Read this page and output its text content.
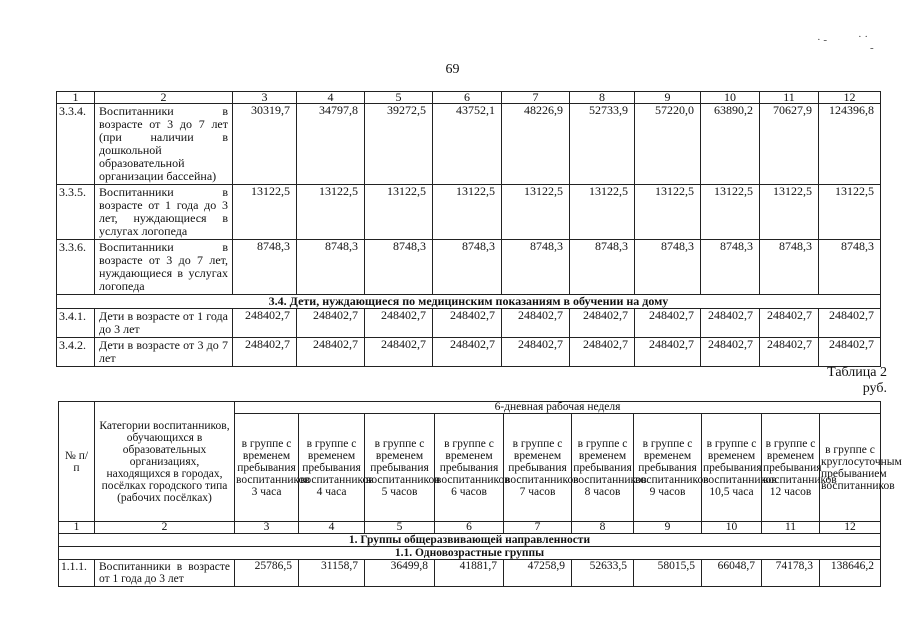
69
· -	· ·
-
1	2	3	4	5	6	7	8	9	10	11	12
3.3.4.	Воспитанники в возрасте от 3 до 7 лет (при наличии в дошкольной образовательной организации бассейна)	30319,7	34797,8	39272,5	43752,1	48226,9	52733,9	57220,0	63890,2	70627,9	124396,8
3.3.5.	Воспитанники в возрасте от 1 года до 3 лет, нуждающиеся в услугах логопеда	13122,5	13122,5	13122,5	13122,5	13122,5	13122,5	13122,5	13122,5	13122,5	13122,5
3.3.6.	Воспитанники в возрасте от 3 до 7 лет, нуждающиеся в услугах логопеда	8748,3	8748,3	8748,3	8748,3	8748,3	8748,3	8748,3	8748,3	8748,3	8748,3
3.4. Дети, нуждающиеся по медицинским показаниям в обучении на дому											
3.4.1.	Дети в возрасте от 1 года до 3 лет	248402,7	248402,7	248402,7	248402,7	248402,7	248402,7	248402,7	248402,7	248402,7	248402,7
3.4.2.	Дети в возрасте от 3 до 7 лет	248402,7	248402,7	248402,7	248402,7	248402,7	248402,7	248402,7	248402,7	248402,7	248402,7
Таблица 2
руб.
№ п/п	Категории воспитанников, обучающихся в образовательных организациях, находящихся в городах, посёлках городского типа (рабочих посёлках)	6-дневная рабочая неделя									
		в группе с временем пребывания воспитанников 3 часа	в группе с временем пребывания воспитанников 4 часа	в группе с временем пребывания воспитанников 5 часов	в группе с временем пребывания воспитанников 6 часов	в группе с временем пребывания воспитанников 7 часов	в группе с временем пребывания воспитанников 8 часов	в группе с временем пребывания воспитанников 9 часов	в группе с временем пребывания воспитанников 10,5 часа	в группе с временем пребывания воспитанников 12 часов	в группе с круглосуточным пребыванием воспитанников
1	2	3	4	5	6	7	8	9	10	11	12
1. Группы общеразвивающей направленности											
1.1. Одновозрастные группы											
1.1.1.	Воспитанники в возрасте от 1 года до 3 лет	25786,5	31158,7	36499,8	41881,7	47258,9	52633,5	58015,5	66048,7	74178,3	138646,2
